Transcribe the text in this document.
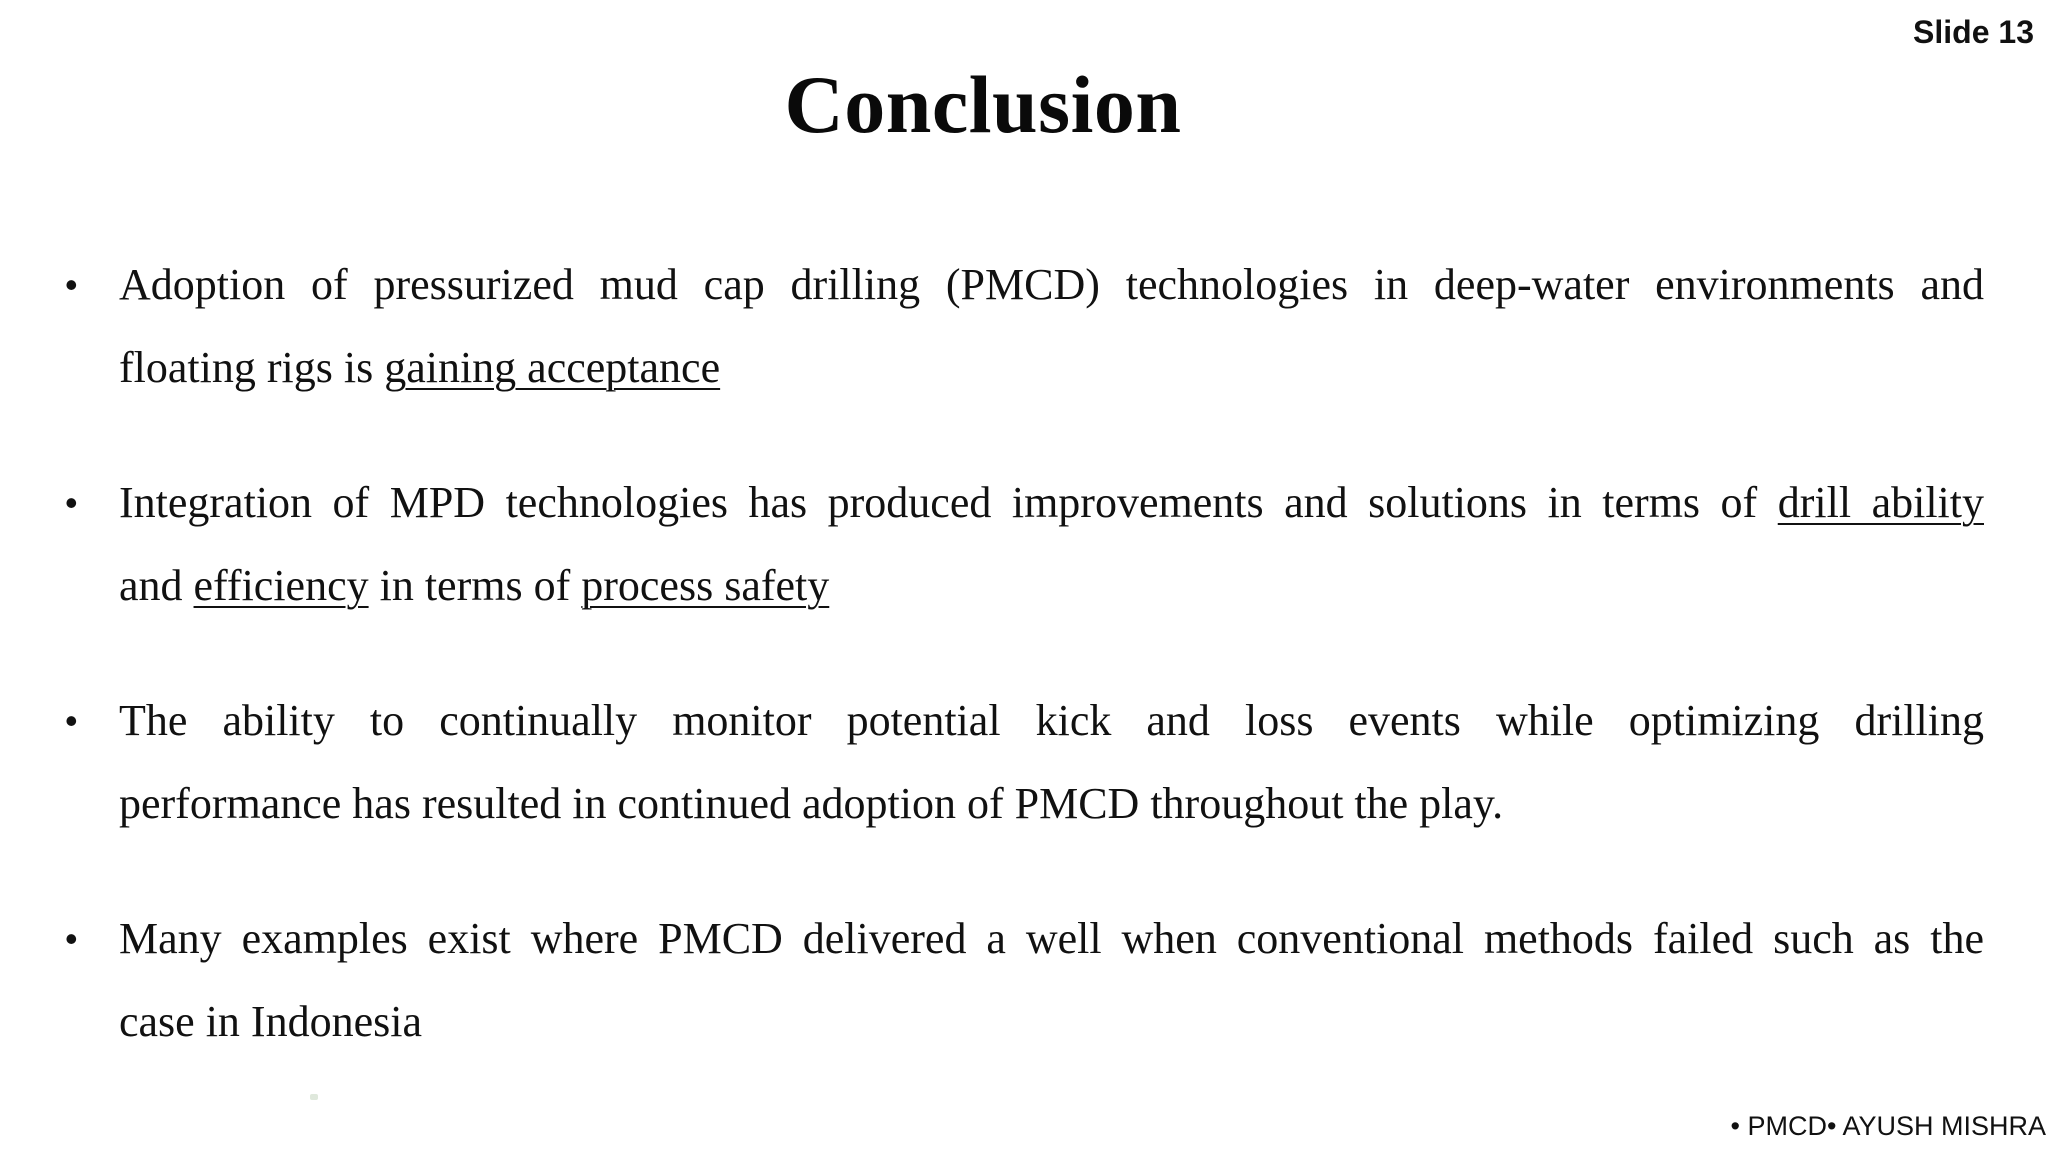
Slide 13
Conclusion
• Adoption of pressurized mud cap drilling (PMCD) technologies in deep-water environments and
floating rigs is gaining acceptance
• Integration of MPD technologies has produced improvements and solutions in terms of drill ability
and efficiency in terms of process safety
• The ability to continually monitor potential kick and loss events while optimizing drilling
performance has resulted in continued adoption of PMCD throughout the play.
• Many examples exist where PMCD delivered a well when conventional methods failed such as the
case in Indonesia
• PMCD• AYUSH MISHRA
